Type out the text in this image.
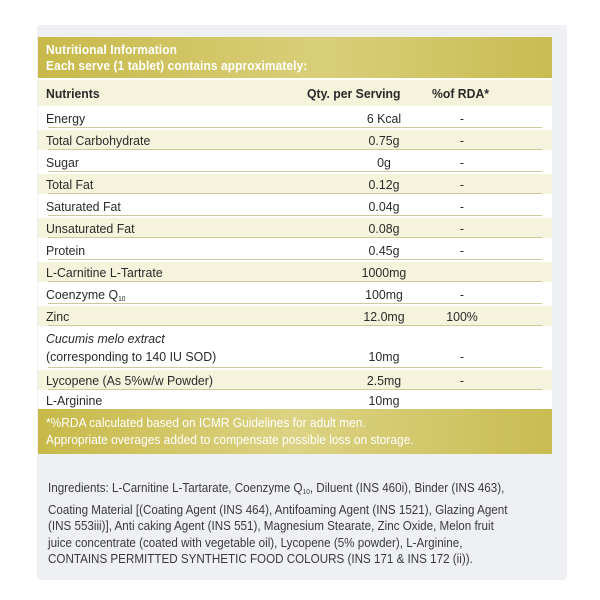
Nutritional Information
Each serve (1 tablet) contains approximately:
Nutrients	Qty. per Serving %of RDA*
Energy	6 Kcal	-
Total Carbohydrate	0.75g	-
Sugar	0g	-
Total Fat	0.12g	-
Saturated Fat	0.04g	-
Unsaturated Fat	0.08g	-
Protein	0.45g	-
L-Carnitine L-Tartrate	1000mg
Coenzyme $Q_{10}$	100mg	-
Zinc	12.0mg	100%
Cucumis melo extract
(corresponding to 140 IU SOD)	10mg	-
Lycopene (As 5%w/w Powder)	2.5mg	-
L-Arginine	10mg
*%RDA calculated based on ICMR Guidelines for adult men.
Appropriate overages added to compensate possible loss on storage.
Ingredients: L-Carnitine L-Tartarate, Coenzyme $Q_{10}$, Diluent (INS 460i), Binder (INS 463),
Coating Material [(Coating Agent (INS 464), Antifoaming Agent (INS 1521), Glazing Agent
(INS 553iii)], Anti caking Agent (INS 551), Magnesium Stearate, Zinc Oxide, Melon fruit
juice concentrate (coated with vegetable oil), Lycopene (5% powder), L-Arginine,
CONTAINS PERMITTED SYNTHETIC FOOD COLOURS (INS 171 & INS 172 (ii)).
